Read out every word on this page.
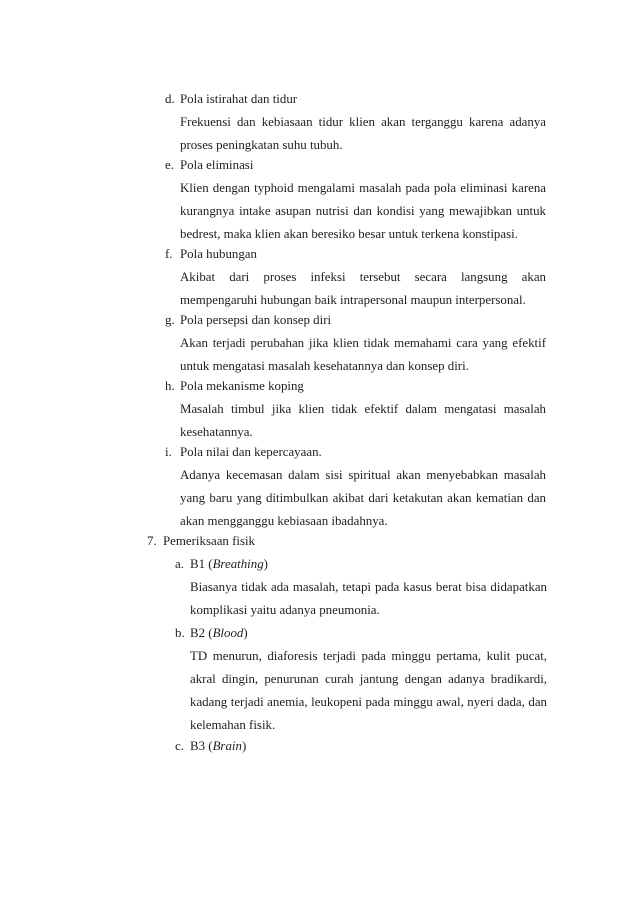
d. Pola istirahat dan tidur
Frekuensi dan kebiasaan tidur klien akan terganggu karena adanya
proses peningkatan suhu tubuh.
e. Pola eliminasi
Klien dengan typhoid mengalami masalah pada pola eliminasi karena
kurangnya intake asupan nutrisi dan kondisi yang mewajibkan untuk
bedrest, maka klien akan beresiko besar untuk terkena konstipasi.
f. Pola hubungan
Akibat dari proses infeksi tersebut secara langsung akan
mempengaruhi hubungan baik intrapersonal maupun interpersonal.
g. Pola persepsi dan konsep diri
Akan terjadi perubahan jika klien tidak memahami cara yang efektif
untuk mengatasi masalah kesehatannya dan konsep diri.
h. Pola mekanisme koping
Masalah timbul jika klien tidak efektif dalam mengatasi masalah
kesehatannya.
i. Pola nilai dan kepercayaan.
Adanya kecemasan dalam sisi spiritual akan menyebabkan masalah
yang baru yang ditimbulkan akibat dari ketakutan akan kematian dan
akan mengganggu kebiasaan ibadahnya.
7. Pemeriksaan fisik
a. B1 (Breathing)
Biasanya tidak ada masalah, tetapi pada kasus berat bisa didapatkan
komplikasi yaitu adanya pneumonia.
b. B2 (Blood)
TD menurun, diaforesis terjadi pada minggu pertama, kulit pucat,
akral dingin, penurunan curah jantung dengan adanya bradikardi,
kadang terjadi anemia, leukopeni pada minggu awal, nyeri dada, dan
kelemahan fisik.
c. B3 (Brain)
